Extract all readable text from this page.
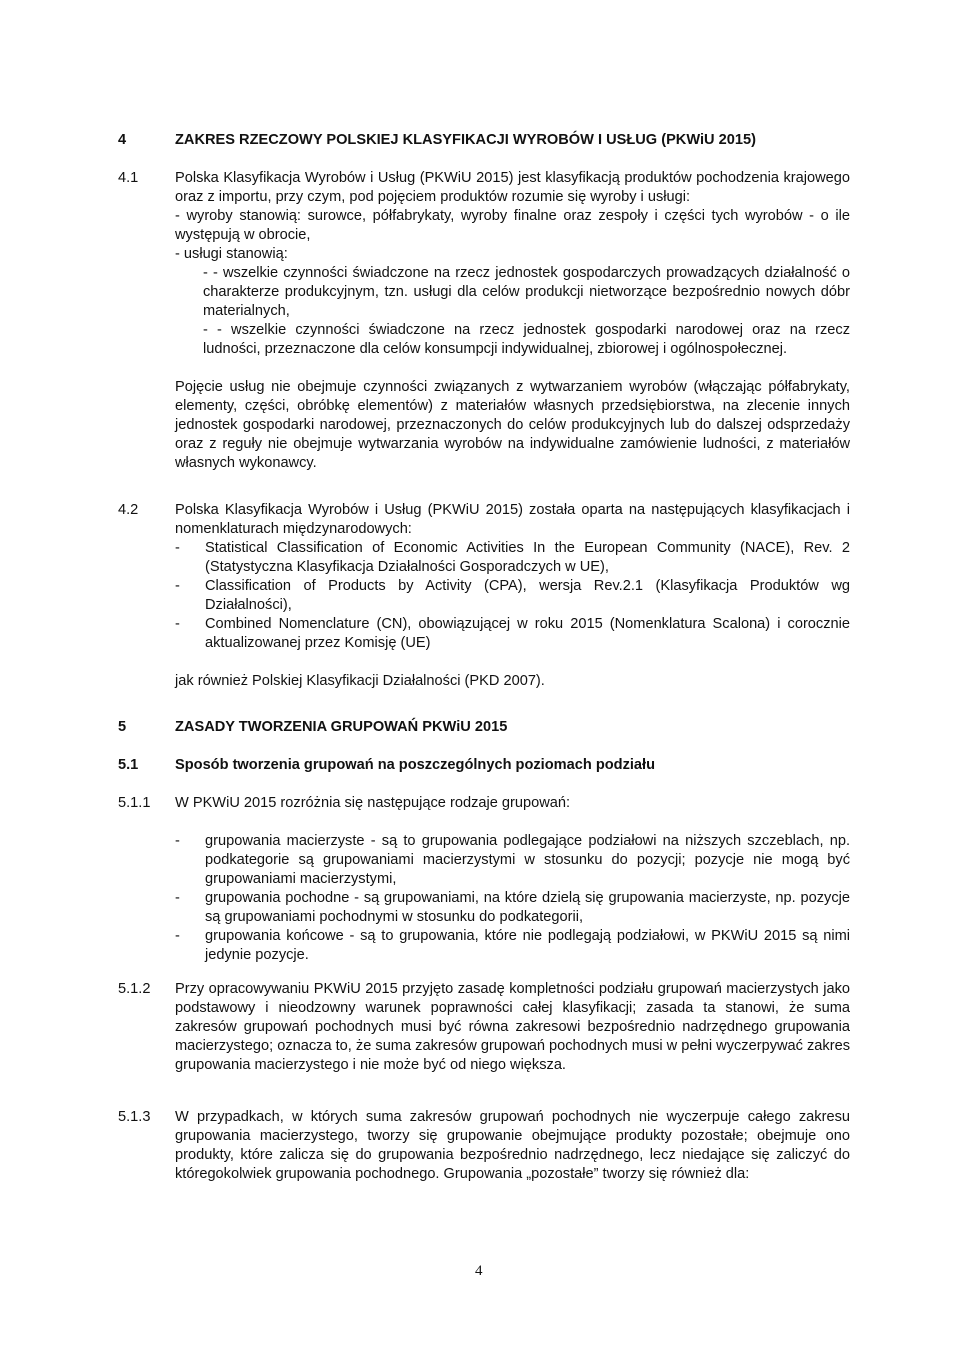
4	ZAKRES RZECZOWY POLSKIEJ KLASYFIKACJI WYROBÓW I USŁUG (PKWiU 2015)
4.1	Polska Klasyfikacja Wyrobów i Usług (PKWiU 2015) jest klasyfikacją produktów pochodzenia krajowego oraz z importu, przy czym, pod pojęciem produktów rozumie się wyroby i usługi:

- wyroby stanowią: surowce, półfabrykaty, wyroby finalne oraz zespoły i części tych wyrobów - o ile występują w obrocie,

- usługi stanowią:

- - wszelkie czynności świadczone na rzecz jednostek gospodarczych prowadzących działalność o charakterze produkcyjnym, tzn. usługi dla celów produkcji nietworzące bezpośrednio nowych dóbr materialnych,

- - wszelkie czynności świadczone na rzecz jednostek gospodarki narodowej oraz na rzecz ludności, przeznaczone dla celów konsumpcji indywidualnej, zbiorowej i ogólnospołecznej.

Pojęcie usług nie obejmuje czynności związanych z wytwarzaniem wyrobów (włączając półfabrykaty, elementy, części, obróbkę elementów) z materiałów własnych przedsiębiorstwa, na zlecenie innych jednostek gospodarki narodowej, przeznaczonych do celów produkcyjnych lub do dalszej odsprzedaży oraz z reguły nie obejmuje wytwarzania wyrobów na indywidualne zamówienie ludności, z materiałów własnych wykonawcy.

4.2	Polska Klasyfikacja Wyrobów i Usług (PKWiU 2015) została oparta na następujących klasyfikacjach i nomenklaturach międzynarodowych:

- Statistical Classification of Economic Activities In the European Community (NACE), Rev. 2 (Statystyczna Klasyfikacja Działalności Gosporadczych w UE),
- Classification of Products by Activity (CPA), wersja Rev.2.1 (Klasyfikacja Produktów wg Działalności),
- Combined Nomenclature (CN), obowiązującej w roku 2015 (Nomenklatura Scalona) i corocznie aktualizowanej przez Komisję (UE)

jak również Polskiej Klasyfikacji Działalności (PKD 2007).

5	ZASADY TWORZENIA GRUPOWAŃ PKWiU 2015
5.1	Sposób tworzenia grupowań na poszczególnych poziomach podziału
5.1.1 W PKWiU 2015 rozróżnia się następujące rodzaje grupowań:

- grupowania macierzyste - są to grupowania podlegające podziałowi na niższych szczeblach, np. podkategorie są grupowaniami macierzystymi w stosunku do pozycji; pozycje nie mogą być grupowaniami macierzystymi,
- grupowania pochodne - są grupowaniami, na które dzielą się grupowania macierzyste, np. pozycje są grupowaniami pochodnymi w stosunku do podkategorii,
- grupowania końcowe - są to grupowania, które nie podlegają podziałowi, w PKWiU 2015 są nimi jedynie pozycje.
5.1.2 Przy opracowywaniu PKWiU 2015 przyjęto zasadę kompletności podziału grupowań macierzystych jako podstawowy i nieodzowny warunek poprawności całej klasyfikacji; zasada ta stanowi, że suma zakresów grupowań pochodnych musi być równa zakresowi bezpośrednio nadrzędnego grupowania macierzystego; oznacza to, że suma zakresów grupowań pochodnych musi w pełni wyczerpywać zakres grupowania macierzystego i nie może być od niego większa.

5.1.3 W przypadkach, w których suma zakresów grupowań pochodnych nie wyczerpuje całego zakresu grupowania macierzystego, tworzy się grupowanie obejmujące produkty pozostałe; obejmuje ono produkty, które zalicza się do grupowania bezpośrednio nadrzędnego, lecz niedające się zaliczyć do któregokolwiek grupowania pochodnego. Grupowania „pozostałe” tworzy się również dla:

4
